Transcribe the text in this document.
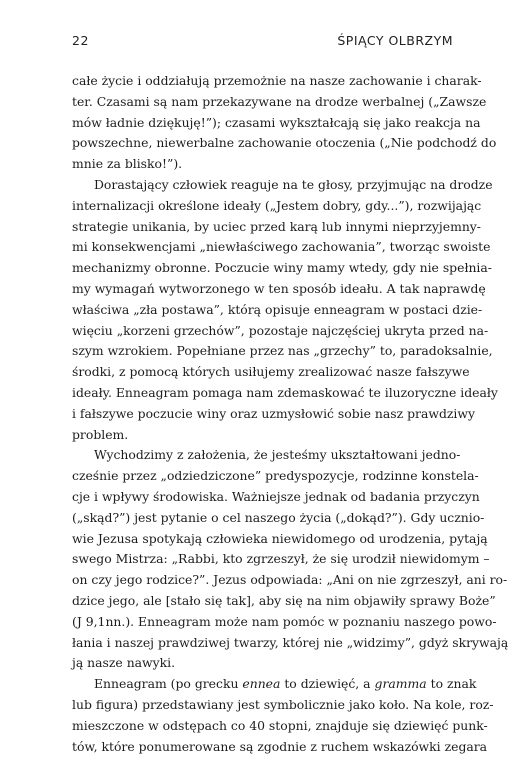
22	ŚPIĄCY OLBRZYM
całe życie i oddziałują przemożnie na nasze zachowanie i charak-
ter. Czasami są nam przekazywane na drodze werbalnej („Zawsze
mów ładnie dziękuję!”); czasami wykształcają się jako reakcja na
powszechne, niewerbalne zachowanie otoczenia („Nie podchodź do
mnie za blisko!”).
Dorastający człowiek reaguje na te głosy, przyjmując na drodze
internalizacji określone ideały („Jestem dobry, gdy...”), rozwijając
strategie unikania, by uciec przed karą lub innymi nieprzyjemny-
mi konsekwencjami „niewłaściwego zachowania”, tworząc swoiste
mechanizmy obronne. Poczucie winy mamy wtedy, gdy nie spełnia-
my wymagań wytworzonego w ten sposób ideału. A tak naprawdę
właściwa „zła postawa”, którą opisuje enneagram w postaci dzie-
więciu „korzeni grzechów”, pozostaje najczęściej ukryta przed na-
szym wzrokiem. Popełniane przez nas „grzechy” to, paradoksalnie,
środki, z pomocą których usiłujemy zrealizować nasze fałszywe
ideały. Enneagram pomaga nam zdemaskować te iluzoryczne ideały
i fałszywe poczucie winy oraz uzmysłowić sobie nasz prawdziwy
problem.
Wychodzimy z założenia, że jesteśmy ukształtowani jedno-
cześnie przez „odziedziczone” predyspozycje, rodzinne konstela-
cje i wpływy środowiska. Ważniejsze jednak od badania przyczyn
(„skąd?”) jest pytanie o cel naszego życia („dokąd?”). Gdy ucznio-
wie Jezusa spotykają człowieka niewidomego od urodzenia, pytają
swego Mistrza: „Rabbi, kto zgrzeszył, że się urodził niewidomym –
on czy jego rodzice?”. Jezus odpowiada: „Ani on nie zgrzeszył, ani ro-
dzice jego, ale [stało się tak], aby się na nim objawiły sprawy Boże”
(J 9,1nn.). Enneagram może nam pomóc w poznaniu naszego powo-
łania i naszej prawdziwej twarzy, której nie „widzimy”, gdyż skrywają
ją nasze nawyki.
Enneagram (po grecku ennea to dziewięć, a gramma to znak
lub figura) przedstawiany jest symbolicznie jako koło. Na kole, roz-
mieszczone w odstępach co 40 stopni, znajduje się dziewięć punk-
tów, które ponumerowane są zgodnie z ruchem wskazówki zegara
